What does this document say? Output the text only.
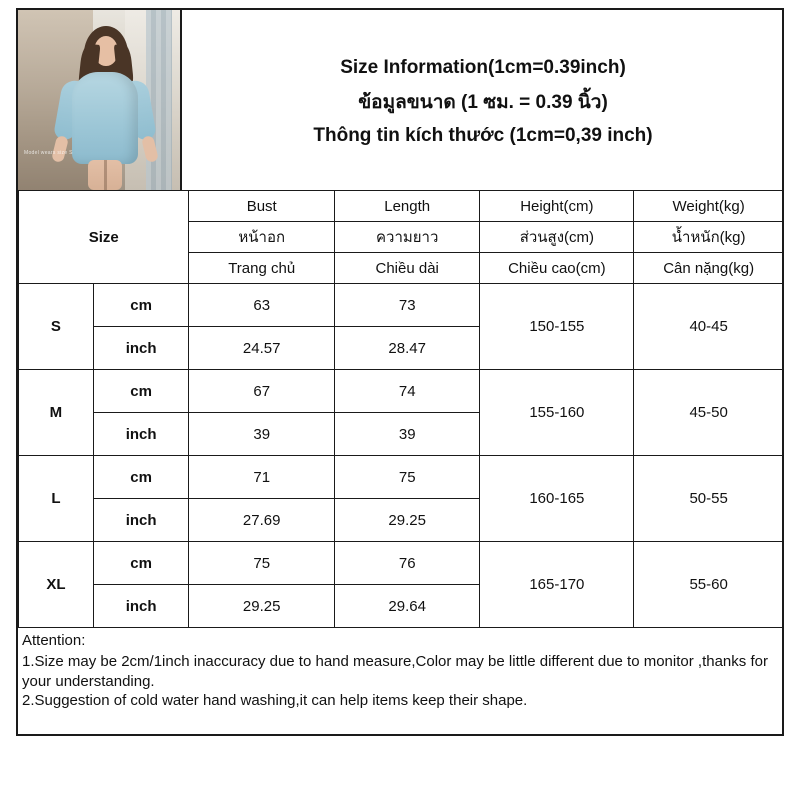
Model wears size S
Size Information(1cm=0.39inch)
ข้อมูลขนาด (1 ซม. = 0.39 นิ้ว)
Thông tin kích thước (1cm=0,39 inch)
Size		Bust	Length	Height(cm)	Weight(kg)
		หน้าอก	ความยาว	ส่วนสูง(cm)	น้ำหนัก(kg)
		Trang chủ	Chiều dài	Chiều cao(cm)	Cân nặng(kg)
S	cm	63	73	150-155	40-45
	inch	24.57	28.47		
M	cm	67	74	155-160	45-50
	inch	39	39		
L	cm	71	75	160-165	50-55
	inch	27.69	29.25		
XL	cm	75	76	165-170	55-60
	inch	29.25	29.64		
Attention:
1.Size may be 2cm/1inch inaccuracy due to hand measure,Color may be little different due to monitor ,thanks for your understanding.
2.Suggestion of cold water hand washing,it can help items keep their shape.
